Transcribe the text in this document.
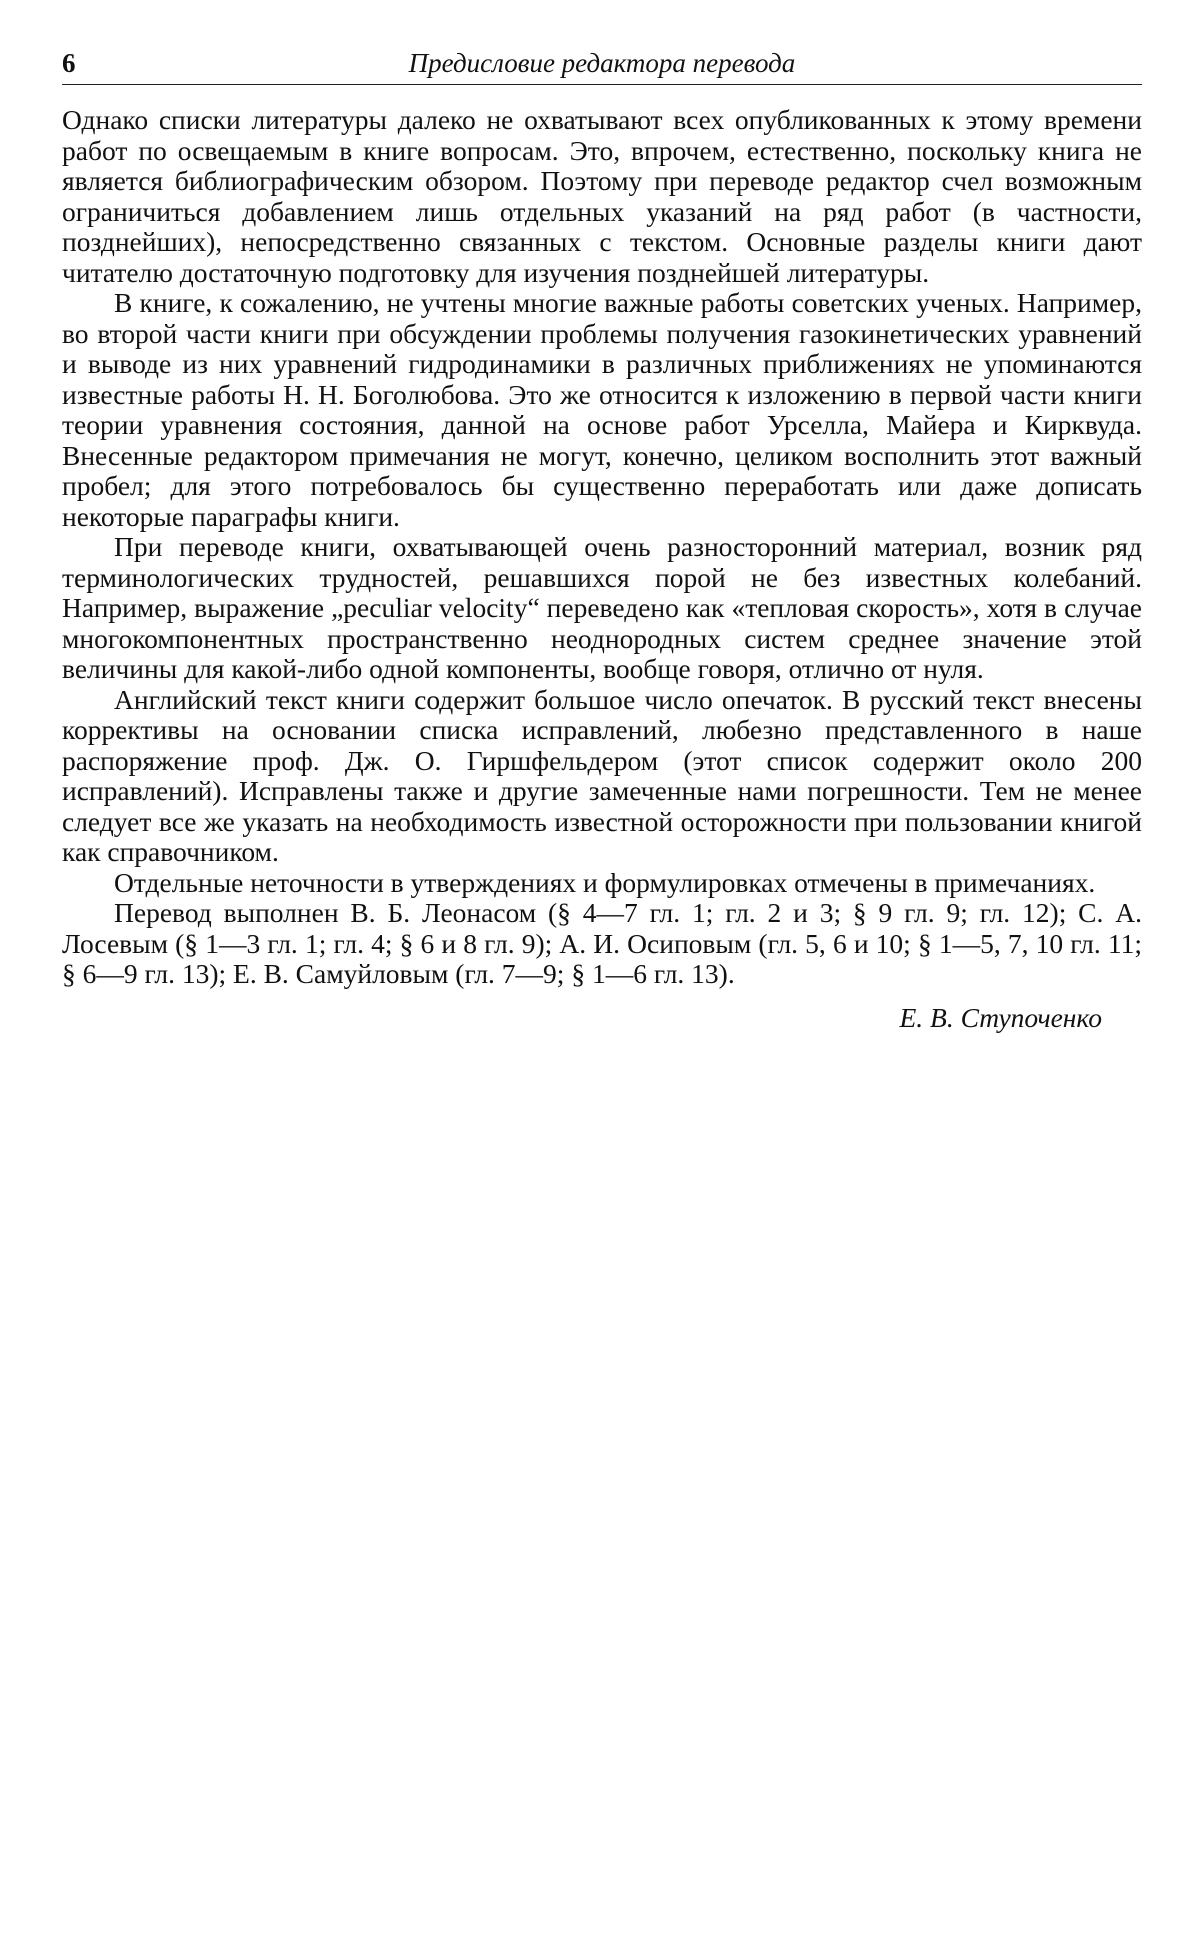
6	Предисловие редактора перевода

Однако списки литературы далеко не охватывают всех опубликованных к этому времени работ по освещаемым в книге вопросам. Это, впрочем, естественно, поскольку книга не является библиографическим обзором. Поэтому при переводе редактор счел возможным ограничиться добавлением лишь отдельных указаний на ряд работ (в частности, позднейших), непосредственно связанных с текстом. Основные разделы книги дают читателю достаточную подготовку для изучения позднейшей литературы.

В книге, к сожалению, не учтены многие важные работы советских ученых. Например, во второй части книги при обсуждении проблемы получения газокинетических уравнений и выводе из них уравнений гидродинамики в различных приближениях не упоминаются известные работы Н. Н. Боголюбова. Это же относится к изложению в первой части книги теории уравнения состояния, данной на основе работ Урселла, Майера и Кирквуда. Внесенные редактором примечания не могут, конечно, целиком восполнить этот важный пробел; для этого потребовалось бы существенно переработать или даже дописать некоторые параграфы книги.

При переводе книги, охватывающей очень разносторонний материал, возник ряд терминологических трудностей, решавшихся порой не без известных колебаний. Например, выражение „peculiar velocity“ переведено как «тепловая скорость», хотя в случае многокомпонентных пространственно неоднородных систем среднее значение этой величины для какой-либо одной компоненты, вообще говоря, отлично от нуля.

Английский текст книги содержит большое число опечаток. В русский текст внесены коррективы на основании списка исправлений, любезно представленного в наше распоряжение проф. Дж. О. Гиршфельдером (этот список содержит около 200 исправлений). Исправлены также и другие замеченные нами погрешности. Тем не менее следует все же указать на необходимость известной осторожности при пользовании книгой как справочником.

Отдельные неточности в утверждениях и формулировках отмечены в примечаниях.

Перевод выполнен В. Б. Леонасом (§ 4—7 гл. 1; гл. 2 и 3; § 9 гл. 9; гл. 12); С. А. Лосевым (§ 1—3 гл. 1; гл. 4; § 6 и 8 гл. 9); А. И. Осиповым (гл. 5, 6 и 10; § 1—5, 7, 10 гл. 11; § 6—9 гл. 13); Е. В. Самуйловым (гл. 7—9; § 1—6 гл. 13).

Е. В. Ступоченко
